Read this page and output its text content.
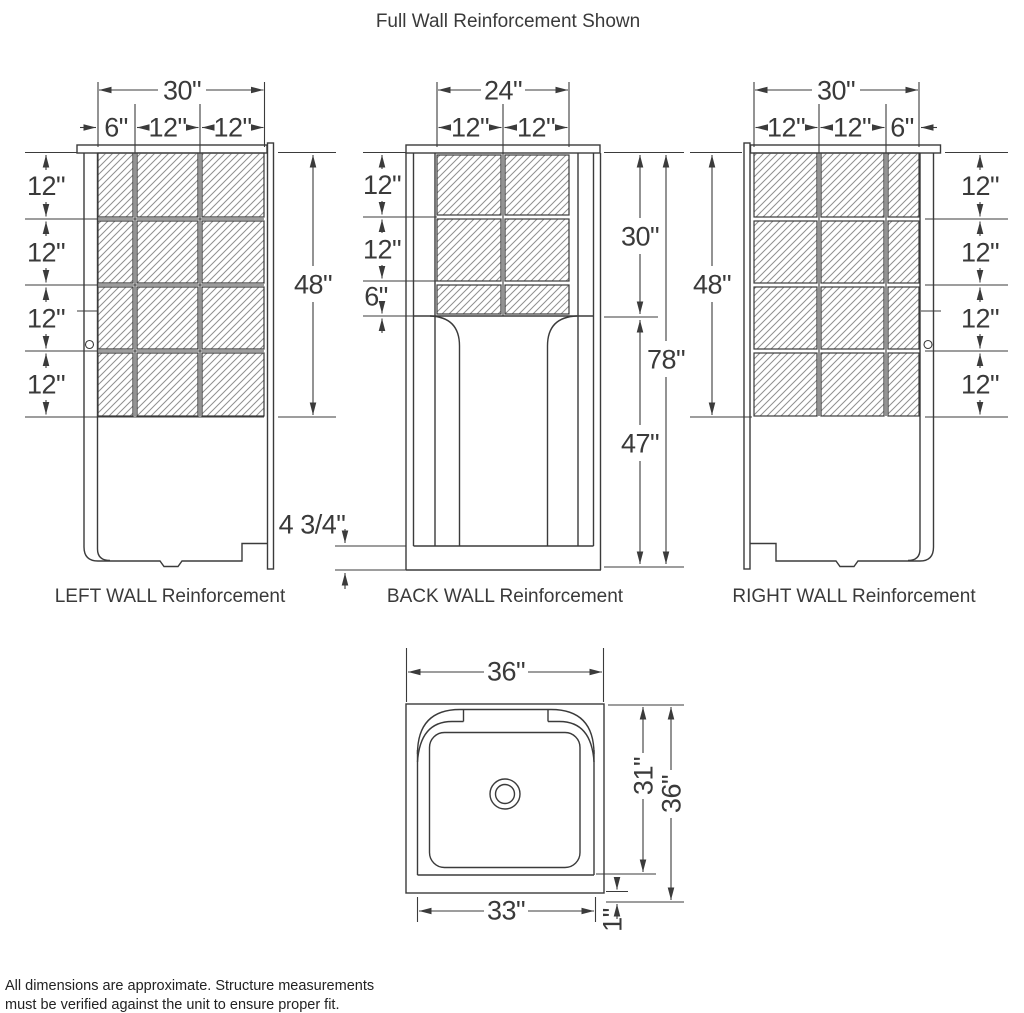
Full Wall Reinforcement Shown
30"
6" 12" 12"
12"
12"
12"
12"
48"
LEFT WALL Reinforcement
24"
12" 12"
12"
12"
6"
30"
47"
78"
4 3/4"
BACK WALL Reinforcement
30"
12" 12" 6"
12"
12"
12"
12"
48"
RIGHT WALL Reinforcement
36"
31"
36"
1"
33"
All dimensions are approximate. Structure measurements
must be verified against the unit to ensure proper fit.
